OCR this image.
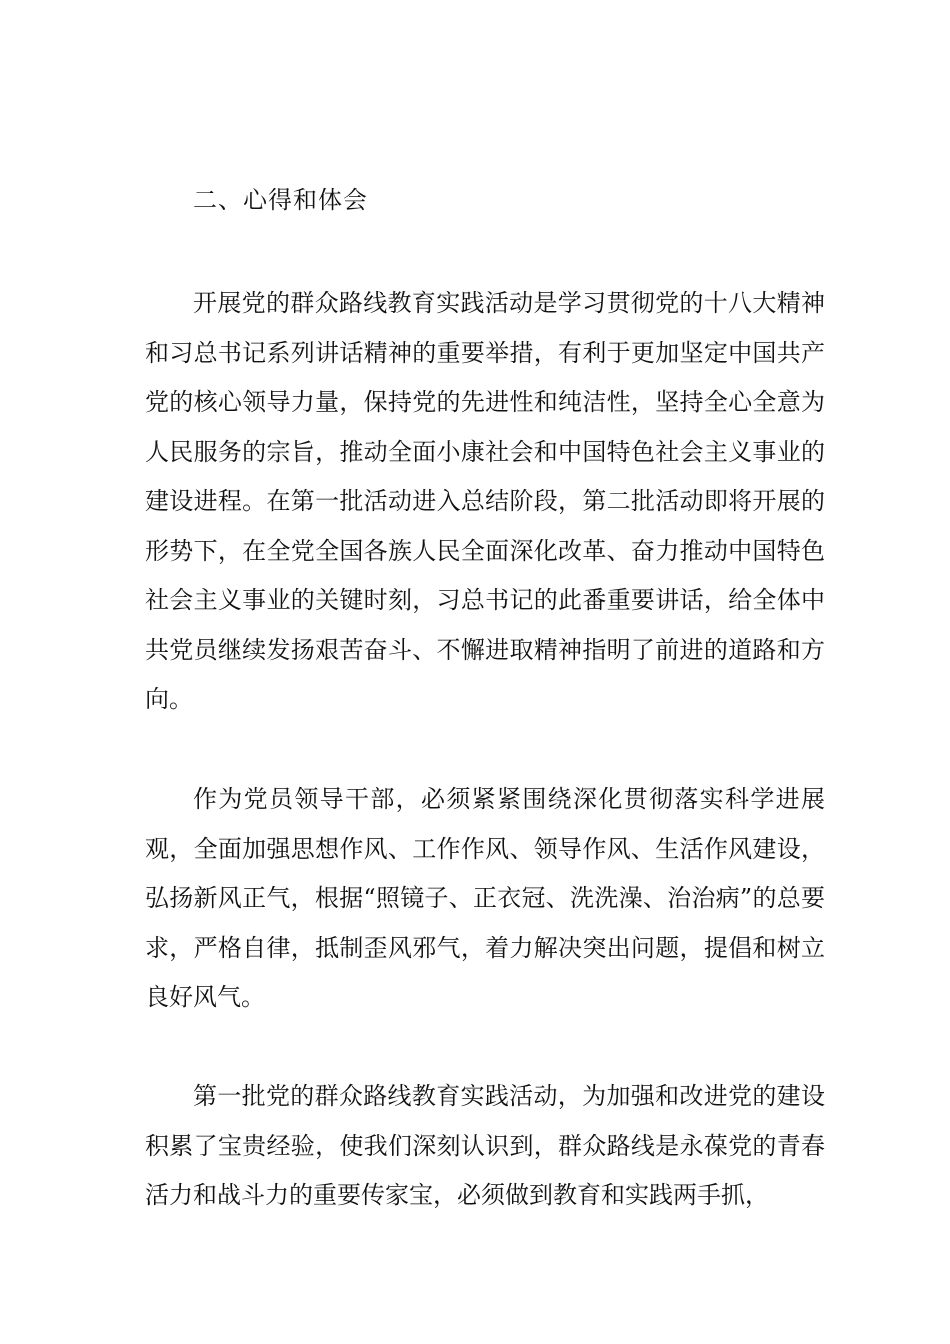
二、心得和体会
开展党的群众路线教育实践活动是学习贯彻党的十八大精神和习总书记系列讲话精神的重要举措，有利于更加坚定中国共产党的核心领导力量，保持党的先进性和纯洁性，坚持全心全意为人民服务的宗旨，推动全面小康社会和中国特色社会主义事业的建设进程。在第一批活动进入总结阶段，第二批活动即将开展的形势下，在全党全国各族人民全面深化改革、奋力推动中国特色社会主义事业的关键时刻，习总书记的此番重要讲话，给全体中共党员继续发扬艰苦奋斗、不懈进取精神指明了前进的道路和方向。
作为党员领导干部，必须紧紧围绕深化贯彻落实科学进展观，全面加强思想作风、工作作风、领导作风、生活作风建设，弘扬新风正气，根据“照镜子、正衣冠、洗洗澡、治治病”的总要求，严格自律，抵制歪风邪气，着力解决突出问题，提倡和树立良好风气。
第一批党的群众路线教育实践活动，为加强和改进党的建设积累了宝贵经验，使我们深刻认识到，群众路线是永葆党的青春活力和战斗力的重要传家宝，必须做到教育和实践两手抓，
